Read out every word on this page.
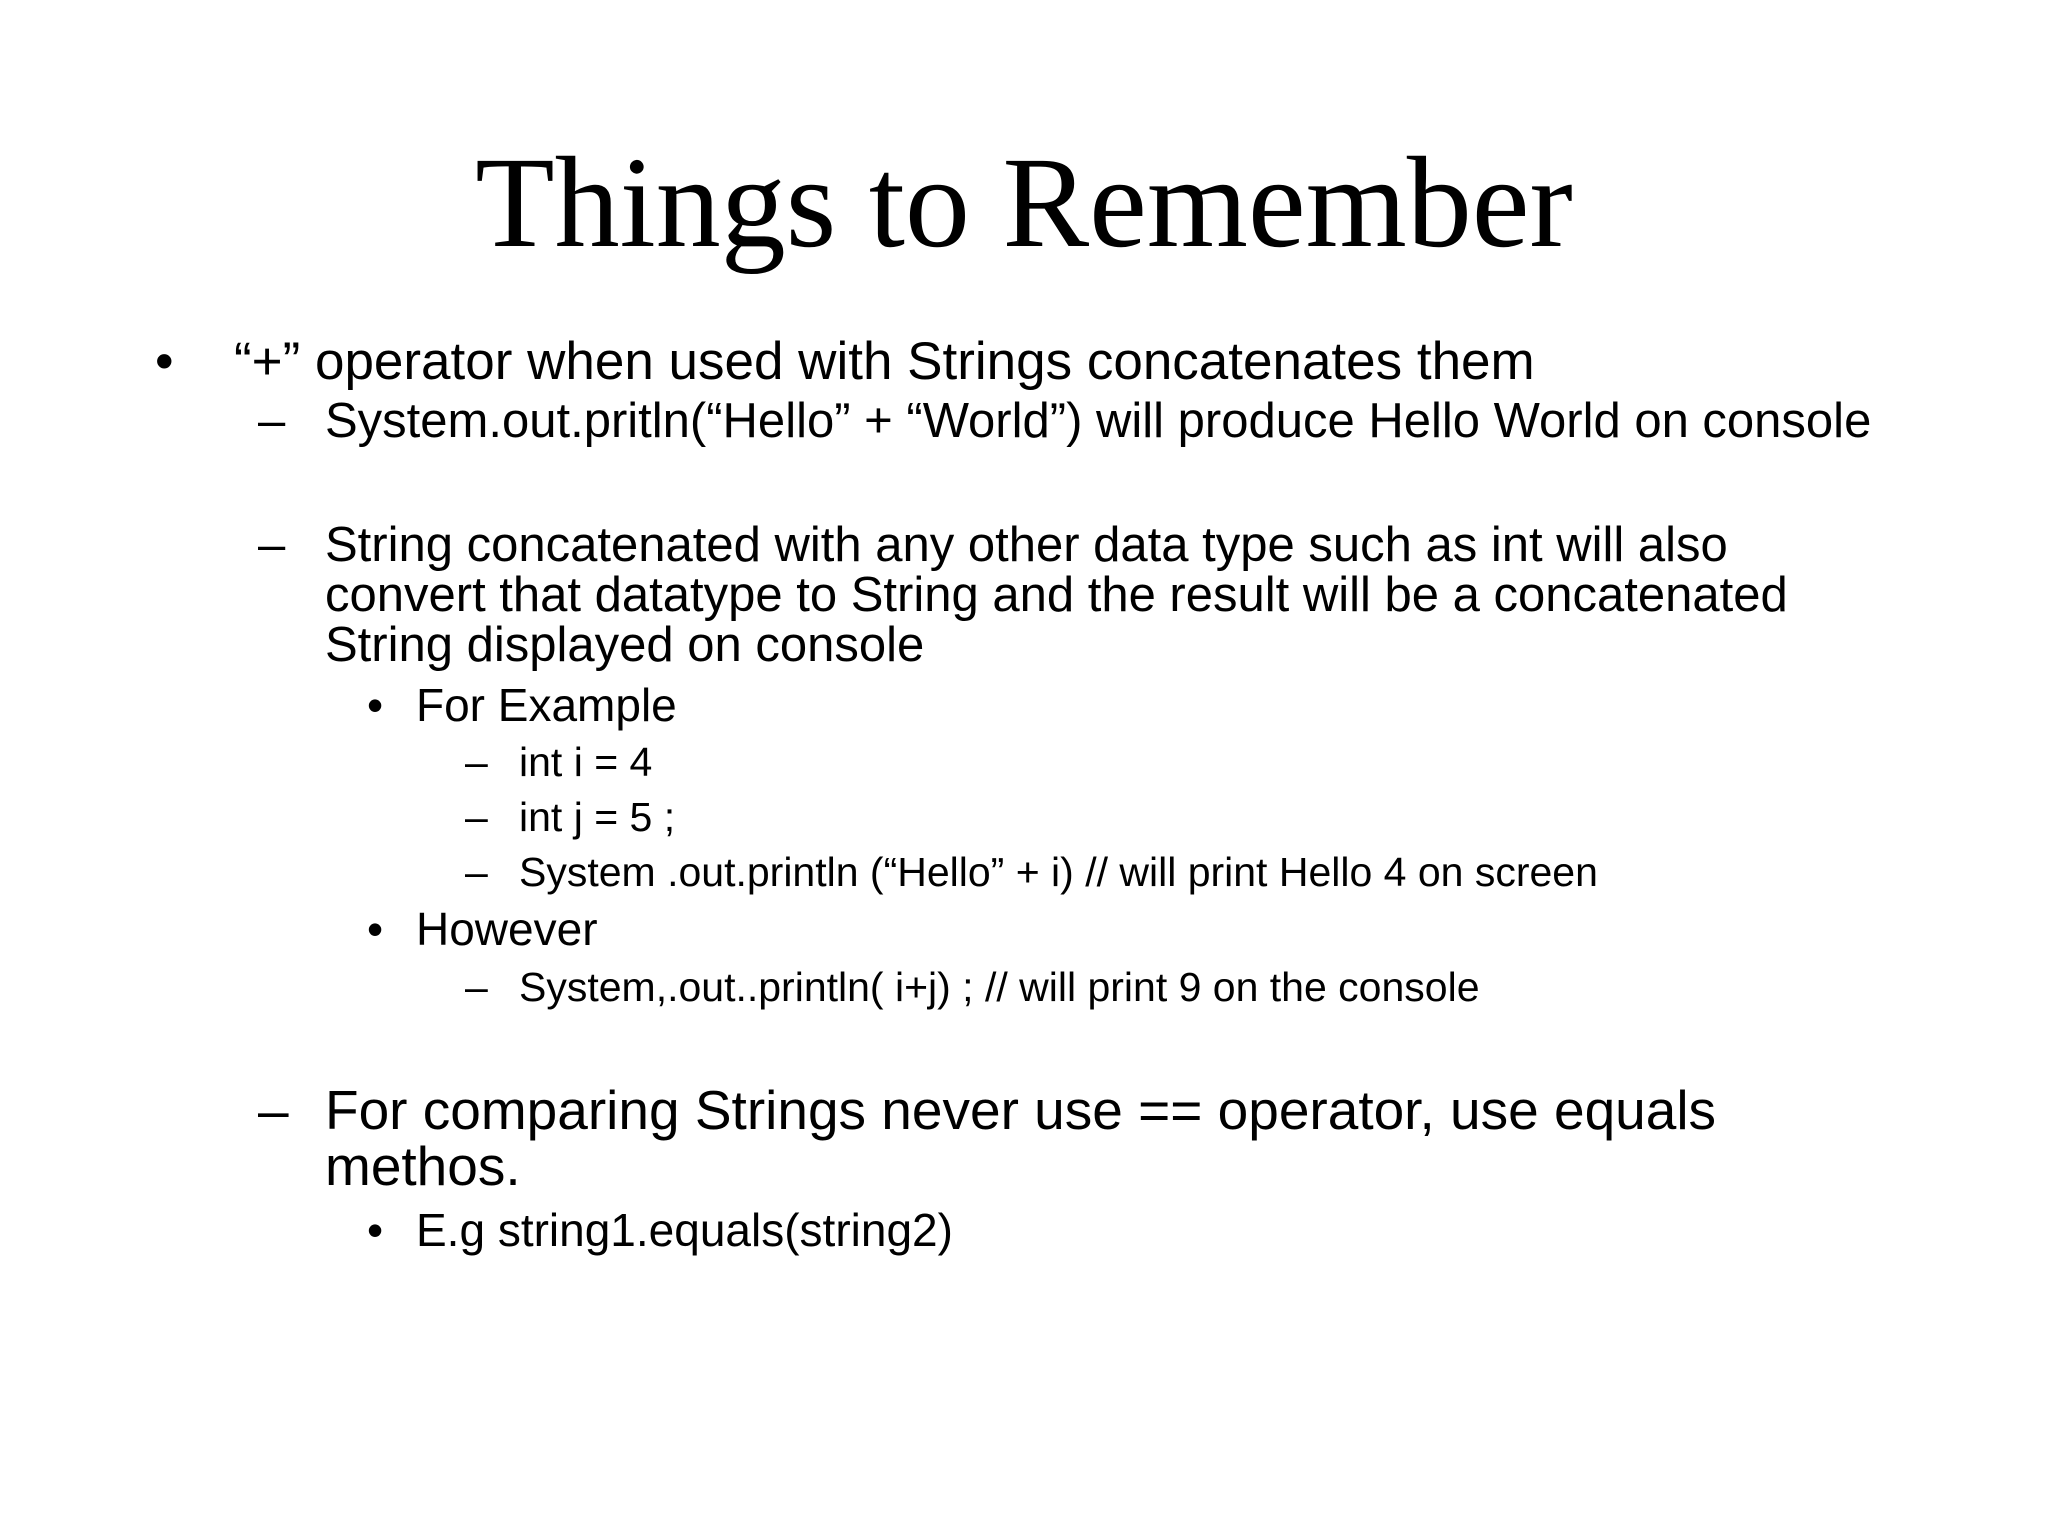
Things to Remember
• “+” operator when used with Strings concatenates them
– System.out.pritln(“Hello” + “World”) will produce Hello World on console
– String concatenated with any other data type such as int will also
convert that datatype to String and the result will be a concatenated
String displayed on console
• For Example
– int i = 4
– int j = 5 ;
– System .out.println (“Hello” + i) // will print Hello 4 on screen
• However
– System,.out..println( i+j) ; // will print 9 on the console
– For comparing Strings never use == operator, use equals
methos.
• E.g string1.equals(string2)
